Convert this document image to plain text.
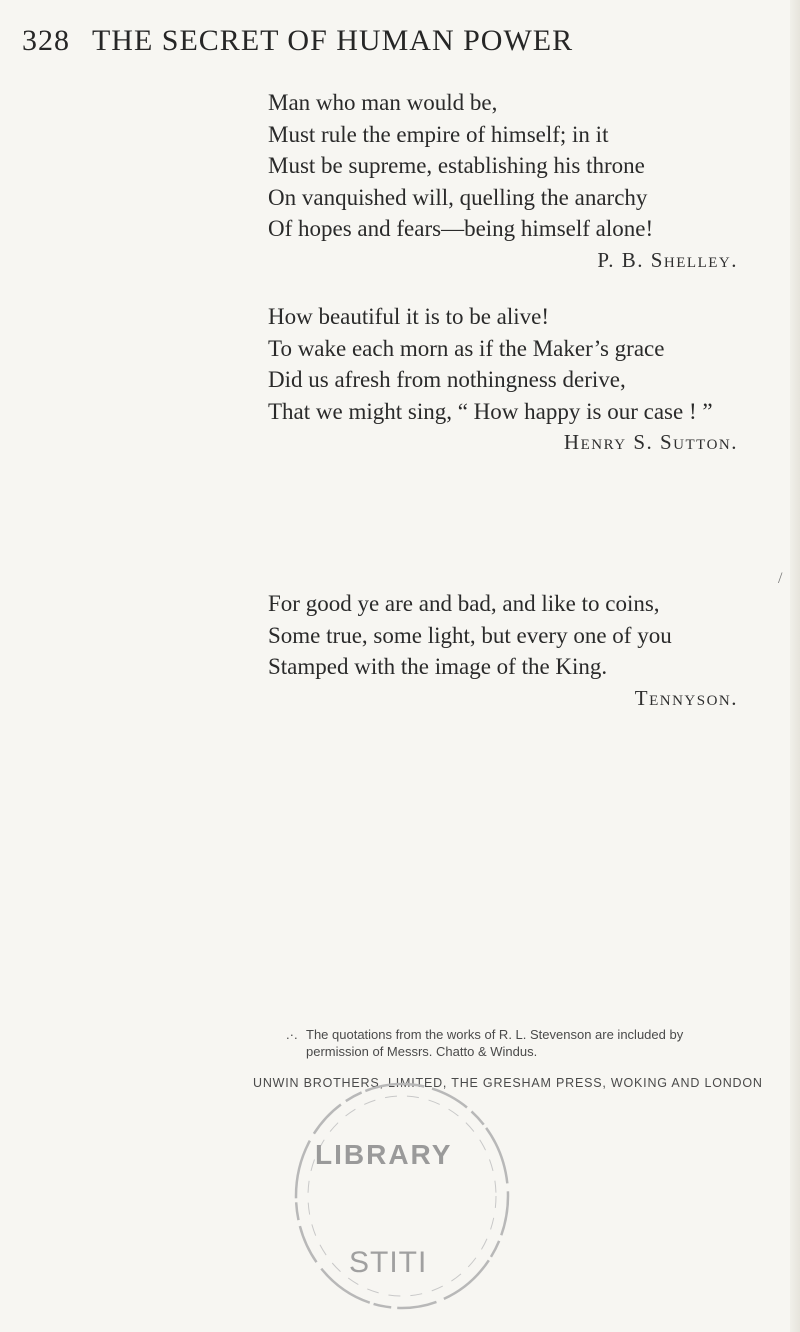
328 THE SECRET OF HUMAN POWER
Man who man would be,
Must rule the empire of himself; in it
Must be supreme, establishing his throne
On vanquished will, quelling the anarchy
Of hopes and fears—being himself alone!
P. B. Shelley.
How beautiful it is to be alive!
To wake each morn as if the Maker’s grace
Did us afresh from nothingness derive,
That we might sing, “ How happy is our case ! ”
Henry S. Sutton.
For good ye are and bad, and like to coins,
Some true, some light, but every one of you
Stamped with the image of the King.
Tennyson.
/
.·. The quotations from the works of R. L. Stevenson are included by
permission of Messrs. Chatto & Windus.
UNWIN BROTHERS, LIMITED, THE GRESHAM PRESS, WOKING AND LONDON
LIBRARY
STITI
